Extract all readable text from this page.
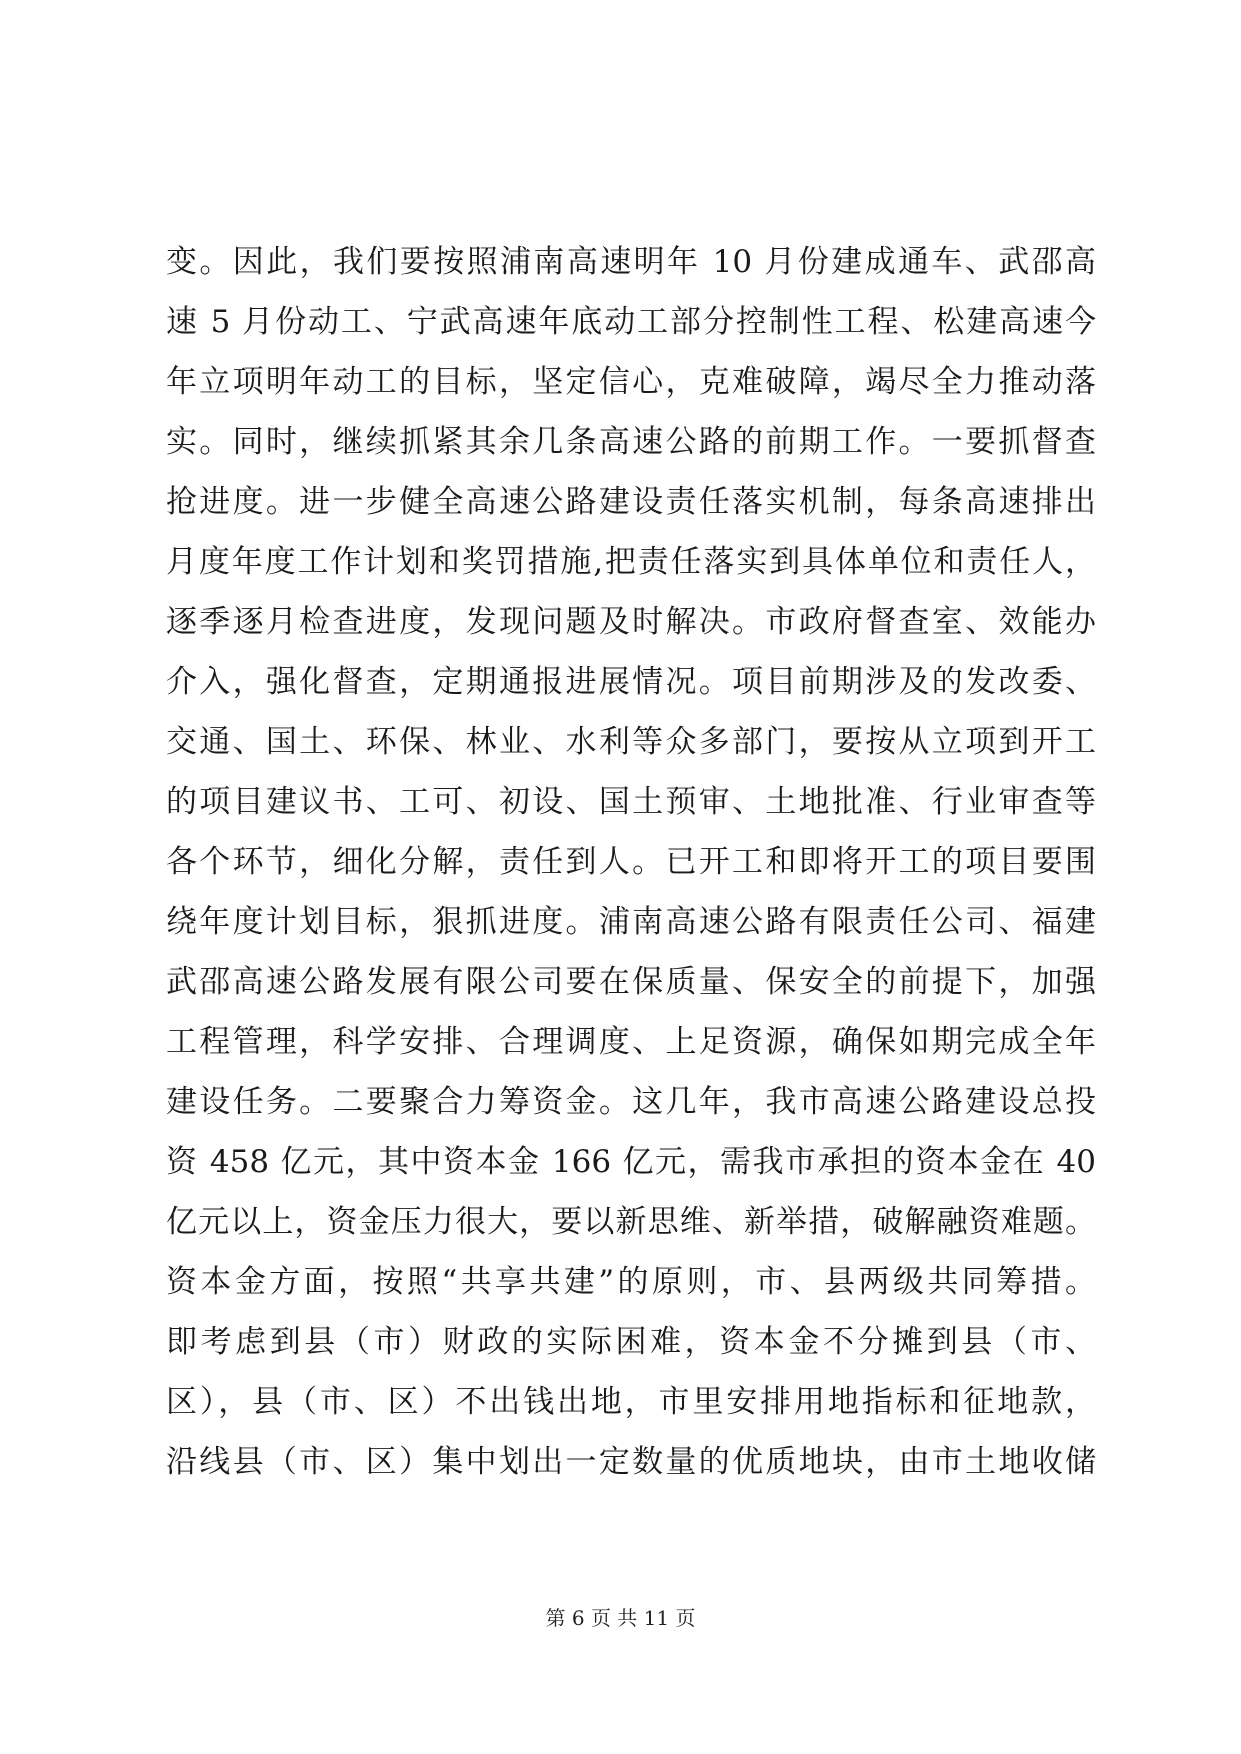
变。因此，我们要按照浦南高速明年 10 月份建成通车、武邵高
速 5 月份动工、宁武高速年底动工部分控制性工程、松建高速今
年立项明年动工的目标，坚定信心，克难破障，竭尽全力推动落
实。同时，继续抓紧其余几条高速公路的前期工作。一要抓督查
抢进度。进一步健全高速公路建设责任落实机制，每条高速排出
月度年度工作计划和奖罚措施,把责任落实到具体单位和责任人，
逐季逐月检查进度，发现问题及时解决。市政府督查室、效能办
介入，强化督查，定期通报进展情况。项目前期涉及的发改委、
交通、国土、环保、林业、水利等众多部门，要按从立项到开工
的项目建议书、工可、初设、国土预审、土地批准、行业审查等
各个环节，细化分解，责任到人。已开工和即将开工的项目要围
绕年度计划目标，狠抓进度。浦南高速公路有限责任公司、福建
武邵高速公路发展有限公司要在保质量、保安全的前提下，加强
工程管理，科学安排、合理调度、上足资源，确保如期完成全年
建设任务。二要聚合力筹资金。这几年，我市高速公路建设总投
资 458 亿元，其中资本金 166 亿元，需我市承担的资本金在 40
亿元以上，资金压力很大，要以新思维、新举措，破解融资难题。
资本金方面，按照“共享共建”的原则，市、县两级共同筹措。
即考虑到县（市）财政的实际困难，资本金不分摊到县（市、
区），县（市、区）不出钱出地，市里安排用地指标和征地款，
沿线县（市、区）集中划出一定数量的优质地块，由市土地收储
第 6 页 共 11 页
